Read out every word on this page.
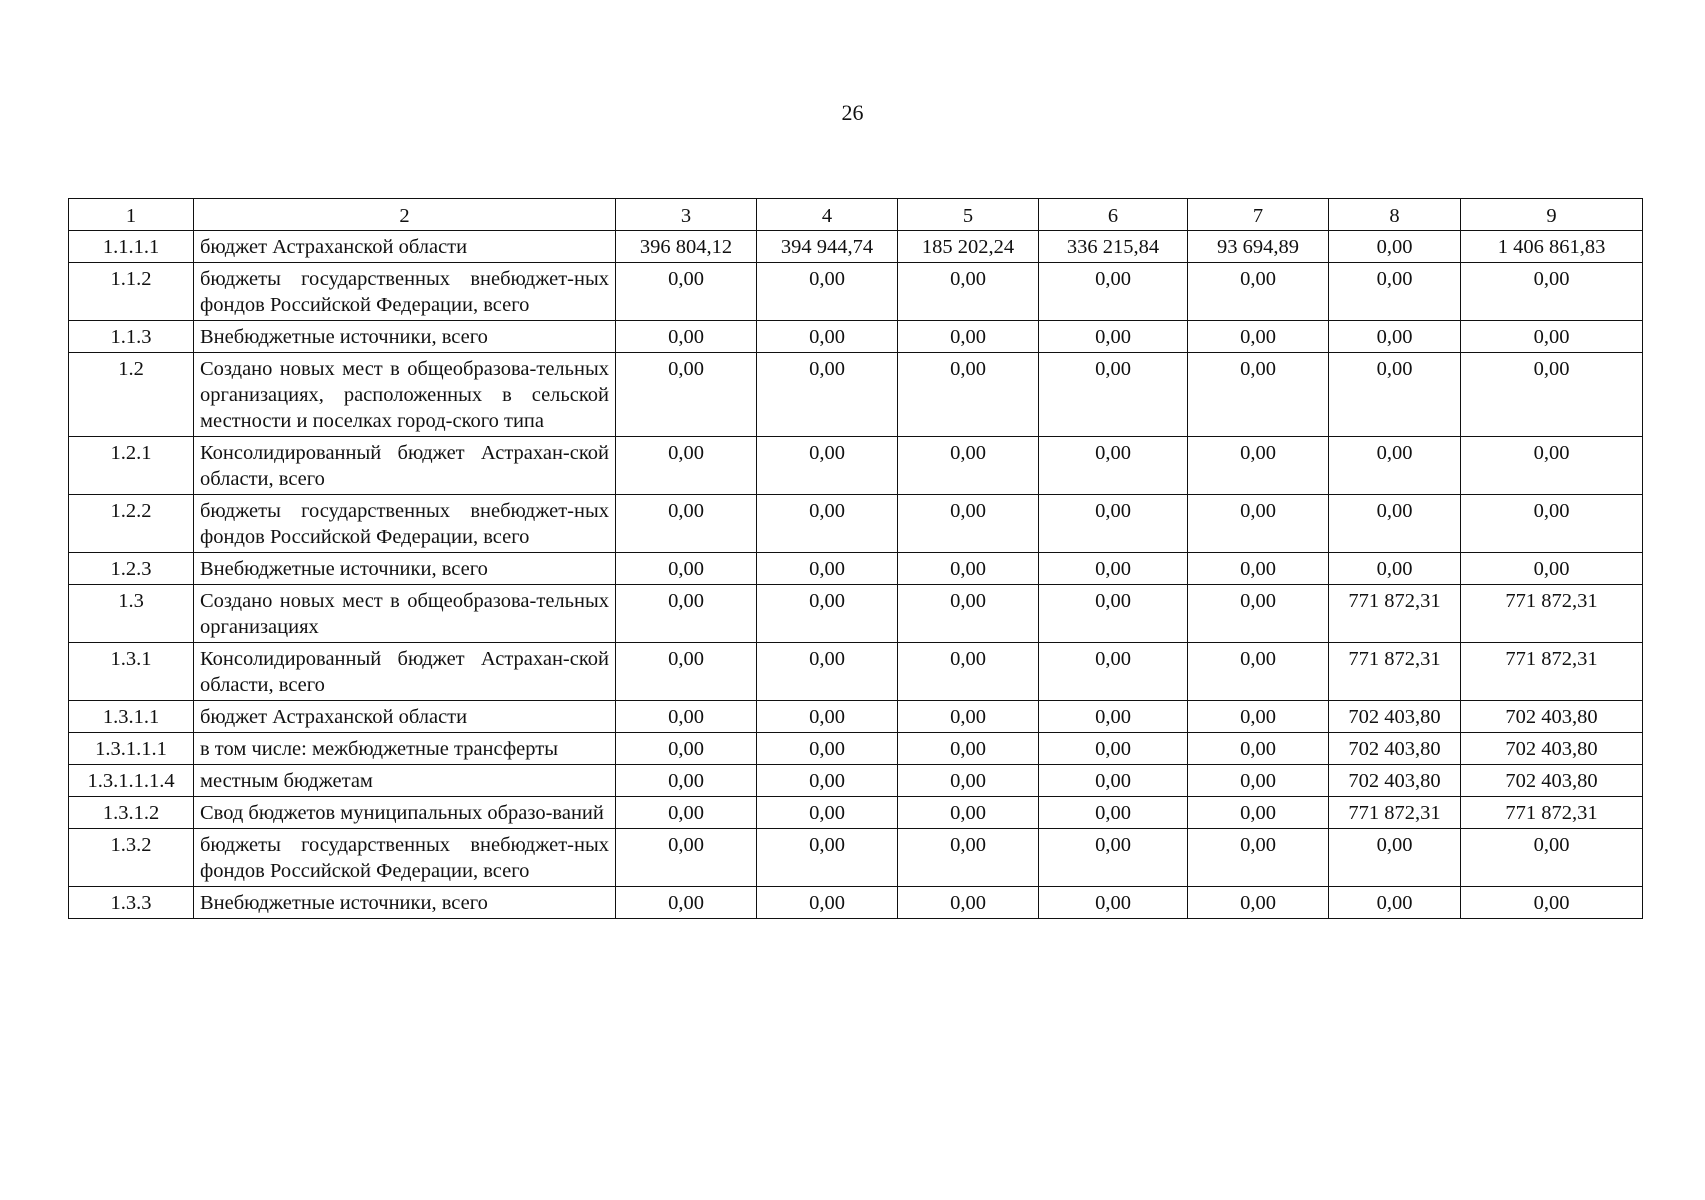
26
1	2	3	4	5	6	7	8	9
1.1.1.1	бюджет Астраханской области	396 804,12	394 944,74	185 202,24	336 215,84	93 694,89	0,00	1 406 861,83
1.1.2	бюджеты государственных внебюджет-ных фондов Российской Федерации, всего	0,00	0,00	0,00	0,00	0,00	0,00	0,00
1.1.3	Внебюджетные источники, всего	0,00	0,00	0,00	0,00	0,00	0,00	0,00
1.2	Создано новых мест в общеобразова-тельных организациях, расположенных в сельской местности и поселках город-ского типа	0,00	0,00	0,00	0,00	0,00	0,00	0,00
1.2.1	Консолидированный бюджет Астрахан-ской области, всего	0,00	0,00	0,00	0,00	0,00	0,00	0,00
1.2.2	бюджеты государственных внебюджет-ных фондов Российской Федерации, всего	0,00	0,00	0,00	0,00	0,00	0,00	0,00
1.2.3	Внебюджетные источники, всего	0,00	0,00	0,00	0,00	0,00	0,00	0,00
1.3	Создано новых мест в общеобразова-тельных организациях	0,00	0,00	0,00	0,00	0,00	771 872,31	771 872,31
1.3.1	Консолидированный бюджет Астрахан-ской области, всего	0,00	0,00	0,00	0,00	0,00	771 872,31	771 872,31
1.3.1.1	бюджет Астраханской области	0,00	0,00	0,00	0,00	0,00	702 403,80	702 403,80
1.3.1.1.1	в том числе: межбюджетные трансферты	0,00	0,00	0,00	0,00	0,00	702 403,80	702 403,80
1.3.1.1.1.4	местным бюджетам	0,00	0,00	0,00	0,00	0,00	702 403,80	702 403,80
1.3.1.2	Свод бюджетов муниципальных образо-ваний	0,00	0,00	0,00	0,00	0,00	771 872,31	771 872,31
1.3.2	бюджеты государственных внебюджет-ных фондов Российской Федерации, всего	0,00	0,00	0,00	0,00	0,00	0,00	0,00
1.3.3	Внебюджетные источники, всего	0,00	0,00	0,00	0,00	0,00	0,00	0,00
